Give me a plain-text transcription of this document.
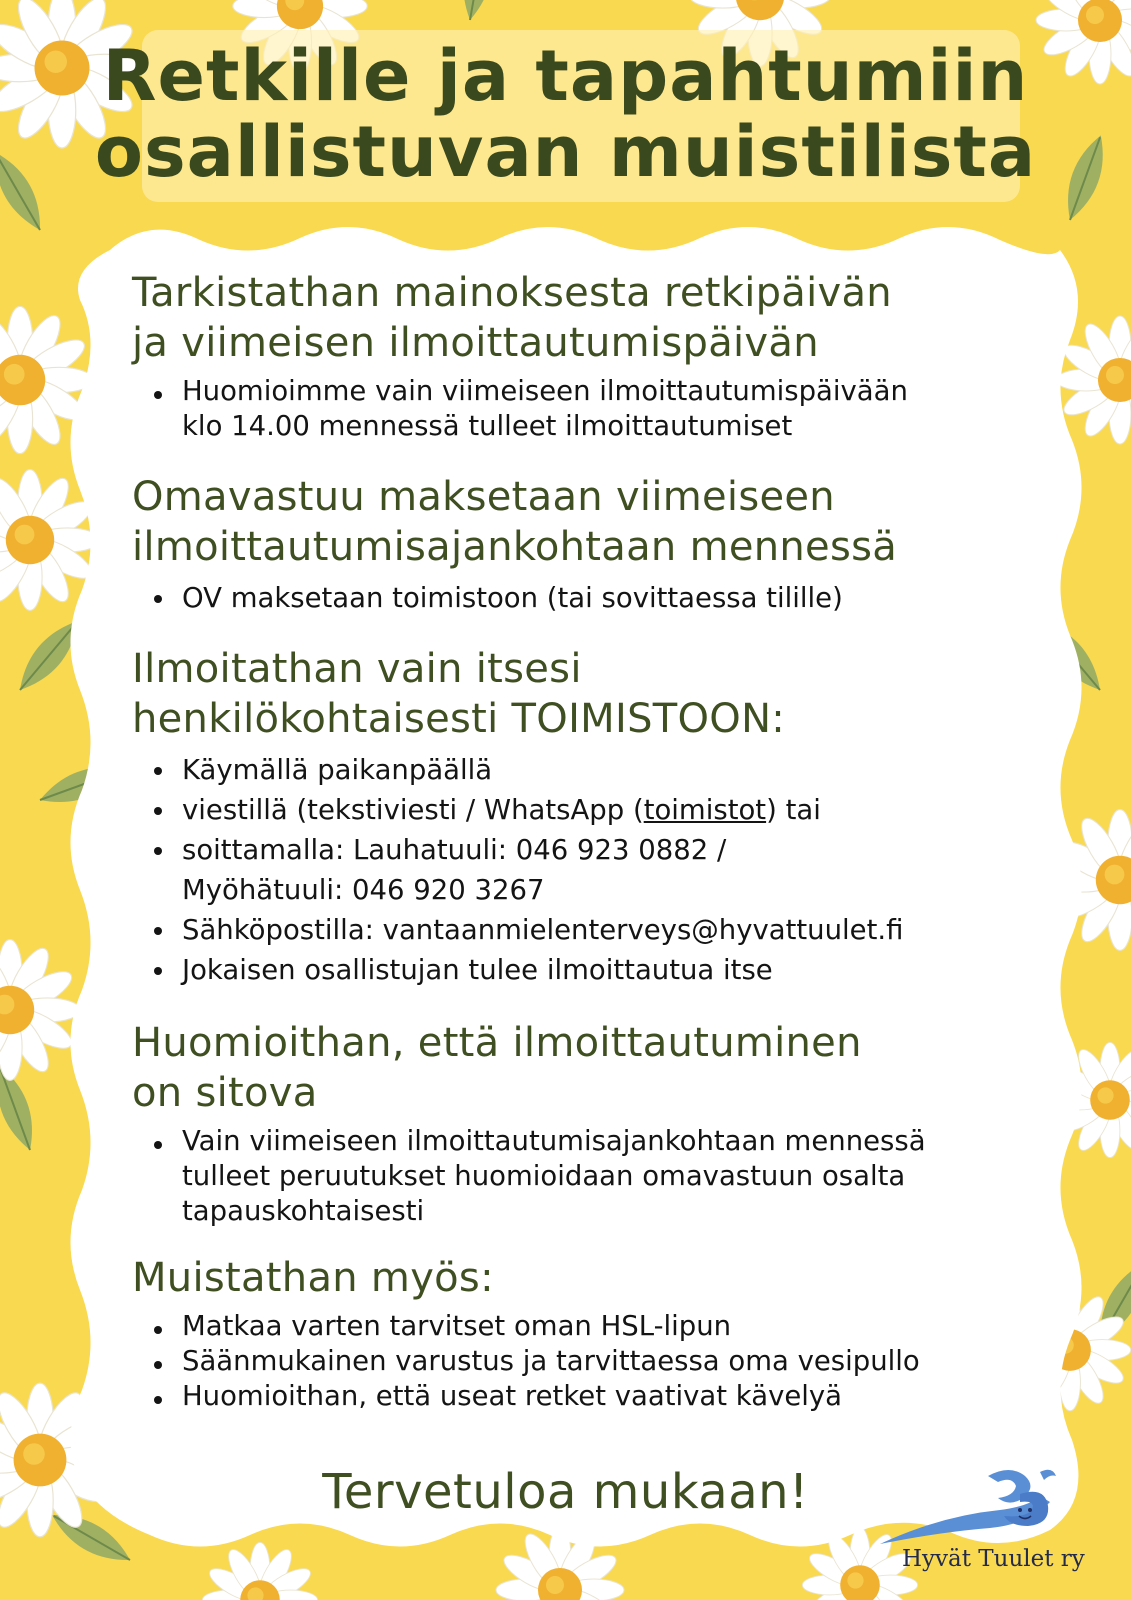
Retkille ja tapahtumiin
osallistuvan muistilista
Tarkistathan mainoksesta retkipäivän
ja viimeisen ilmoittautumispäivän
Huomioimme vain viimeiseen ilmoittautumispäivään
klo 14.00 mennessä tulleet ilmoittautumiset
Omavastuu maksetaan viimeiseen
ilmoittautumisajankohtaan mennessä
OV maksetaan toimistoon (tai sovittaessa tilille)
Ilmoitathan vain itsesi
henkilökohtaisesti TOIMISTOON:
Käymällä paikanpäällä
viestillä (tekstiviesti / WhatsApp (toimistot) tai
soittamalla: Lauhatuuli: 046 923 0882 /
Myöhätuuli: 046 920 3267
Sähköpostilla: vantaanmielenterveys@hyvattuulet.fi
Jokaisen osallistujan tulee ilmoittautua itse
Huomioithan, että ilmoittautuminen
on sitova
Vain viimeiseen ilmoittautumisajankohtaan mennessä
tulleet peruutukset huomioidaan omavastuun osalta
tapauskohtaisesti
Muistathan myös:
Matkaa varten tarvitset oman HSL-lipun
Säänmukainen varustus ja tarvittaessa oma vesipullo
Huomioithan, että useat retket vaativat kävelyä

Tervetuloa mukaan!

Hyvät Tuulet ry
